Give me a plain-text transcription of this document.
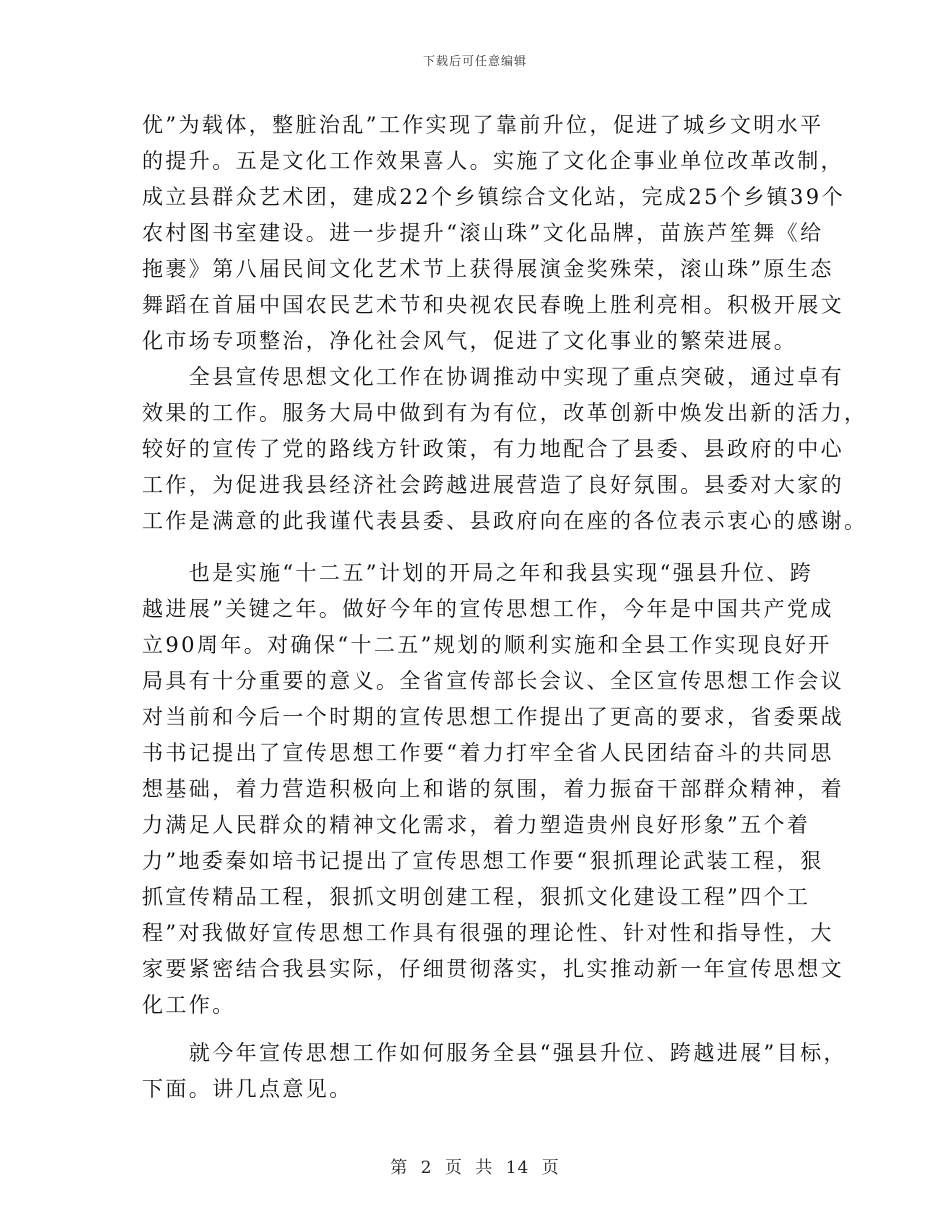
下载后可任意编辑
优”为载体，整脏治乱”工作实现了靠前升位，促进了城乡文明水平
的提升。五是文化工作效果喜人。实施了文化企事业单位改革改制，
成立县群众艺术团，建成22个乡镇综合文化站，完成25个乡镇39个
农村图书室建设。进一步提升“滚山珠”文化品牌，苗族芦笙舞《给
拖裹》第八届民间文化艺术节上获得展演金奖殊荣，滚山珠”原生态
舞蹈在首届中国农民艺术节和央视农民春晚上胜利亮相。积极开展文
化市场专项整治，净化社会风气，促进了文化事业的繁荣进展。
　　全县宣传思想文化工作在协调推动中实现了重点突破，通过卓有
效果的工作。服务大局中做到有为有位，改革创新中焕发出新的活力，
较好的宣传了党的路线方针政策，有力地配合了县委、县政府的中心
工作，为促进我县经济社会跨越进展营造了良好氛围。县委对大家的
工作是满意的此我谨代表县委、县政府向在座的各位表示衷心的感谢。
　　也是实施“十二五”计划的开局之年和我县实现“强县升位、跨
越进展”关键之年。做好今年的宣传思想工作，今年是中国共产党成
立90周年。对确保“十二五”规划的顺利实施和全县工作实现良好开
局具有十分重要的意义。全省宣传部长会议、全区宣传思想工作会议
对当前和今后一个时期的宣传思想工作提出了更高的要求，省委栗战
书书记提出了宣传思想工作要“着力打牢全省人民团结奋斗的共同思
想基础，着力营造积极向上和谐的氛围，着力振奋干部群众精神，着
力满足人民群众的精神文化需求，着力塑造贵州良好形象”五个着
力”地委秦如培书记提出了宣传思想工作要“狠抓理论武装工程，狠
抓宣传精品工程，狠抓文明创建工程，狠抓文化建设工程”四个工
程”对我做好宣传思想工作具有很强的理论性、针对性和指导性，大
家要紧密结合我县实际，仔细贯彻落实，扎实推动新一年宣传思想文
化工作。
　　就今年宣传思想工作如何服务全县“强县升位、跨越进展”目标，
下面。讲几点意见。
第 2 页 共 14 页
